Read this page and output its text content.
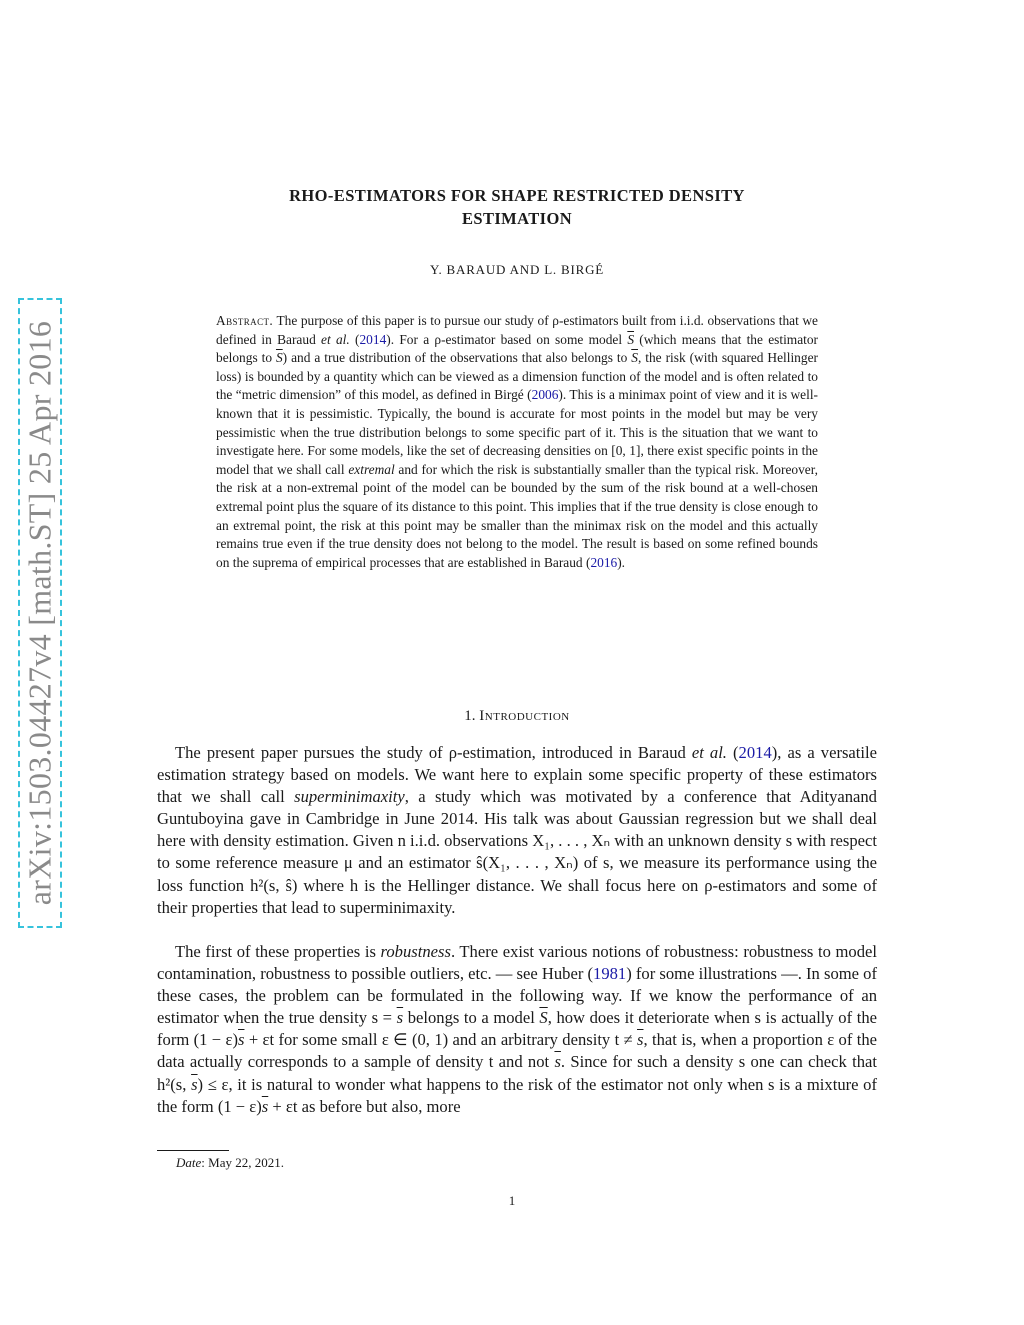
arXiv:1503.04427v4 [math.ST] 25 Apr 2016
RHO-ESTIMATORS FOR SHAPE RESTRICTED DENSITY
ESTIMATION
Y. BARAUD AND L. BIRGÉ
Abstract. The purpose of this paper is to pursue our study of ρ-estimators built from i.i.d. observations that we defined in Baraud et al. (2014). For a ρ-estimator based on some model $\overline{S}$ (which means that the estimator belongs to $\overline{S}$) and a true distribution of the observations that also belongs to $\overline{S}$, the risk (with squared Hellinger loss) is bounded by a quantity which can be viewed as a dimension function of the model and is often related to the “metric dimension” of this model, as defined in Birgé (2006). This is a minimax point of view and it is well-known that it is pessimistic. Typically, the bound is accurate for most points in the model but may be very pessimistic when the true distribution belongs to some specific part of it. This is the situation that we want to investigate here. For some models, like the set of decreasing densities on [0, 1], there exist specific points in the model that we shall call extremal and for which the risk is substantially smaller than the typical risk. Moreover, the risk at a non-extremal point of the model can be bounded by the sum of the risk bound at a well-chosen extremal point plus the square of its distance to this point. This implies that if the true density is close enough to an extremal point, the risk at this point may be smaller than the minimax risk on the model and this actually remains true even if the true density does not belong to the model. The result is based on some refined bounds on the suprema of empirical processes that are established in Baraud (2016).
1. Introduction

The present paper pursues the study of ρ-estimation, introduced in Baraud et al. (2014), as a versatile estimation strategy based on models. We want here to explain some specific property of these estimators that we shall call superminimaxity, a study which was motivated by a conference that Adityanand Guntuboyina gave in Cambridge in June 2014. His talk was about Gaussian regression but we shall deal here with density estimation. Given n i.i.d. observations X₁, . . . , Xₙ with an unknown density s with respect to some reference measure μ and an estimator ŝ(X₁, . . . , Xₙ) of s, we measure its performance using the loss function h²(s, ŝ) where h is the Hellinger distance. We shall focus here on ρ-estimators and some of their properties that lead to superminimaxity.

The first of these properties is robustness. There exist various notions of robustness: robustness to model contamination, robustness to possible outliers, etc. — see Huber (1981) for some illustrations —. In some of these cases, the problem can be formulated in the following way. If we know the performance of an estimator when the true density $s = \overline{s}$ belongs to a model $\overline{S}$, how does it deteriorate when s is actually of the form $(1 - \varepsilon)\overline{s} + \varepsilon t$ for some small ε ∈ (0, 1) and an arbitrary density $t \ne \overline{s}$, that is, when a proportion ε of the data actually corresponds to a sample of density t and not $\overline{s}$. Since for such a density s one can check that h²(s, $\overline{s}) \le \varepsilon$, it is natural to wonder what happens to the risk of the estimator not only when s is a mixture of the form $(1 - \varepsilon)\overline{s} + \varepsilon t$ as before but also, more

Date: May 22, 2021.
1
